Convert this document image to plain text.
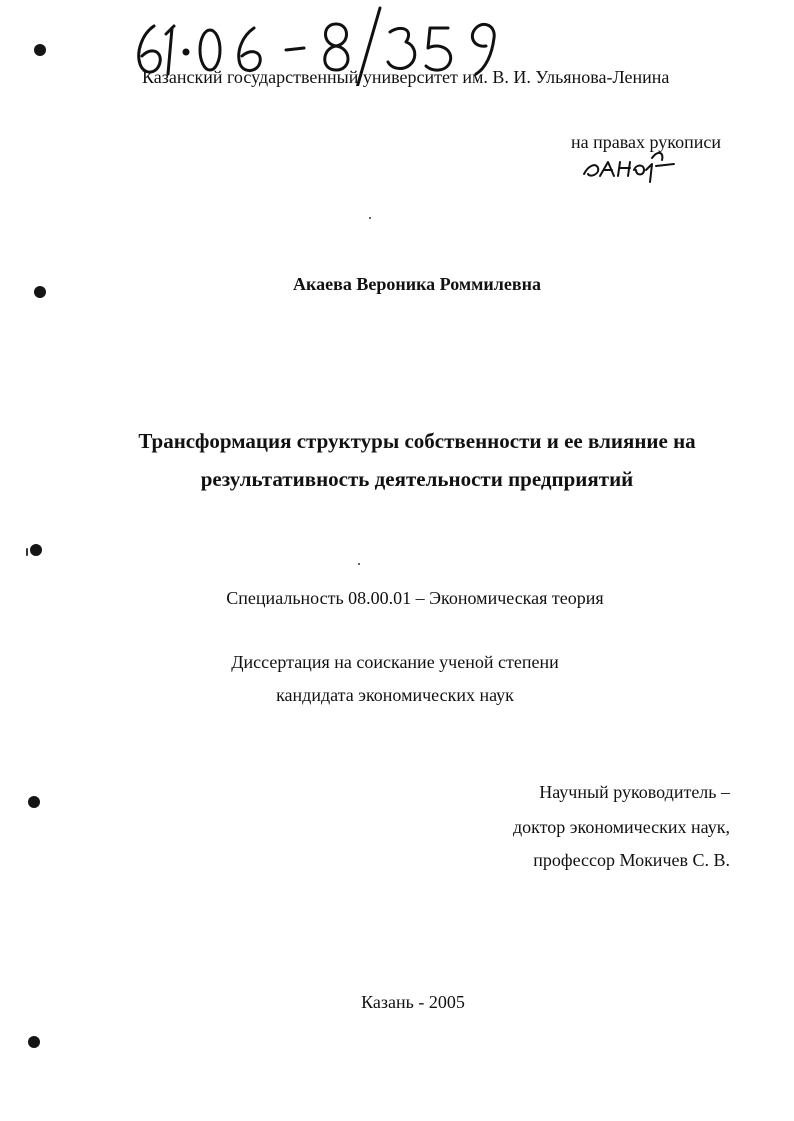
Казанский государственный университет им. В. И. Ульянова-Ленина
на правах рукописи
Акаева Вероника Роммилевна
Трансформация структуры собственности и ее влияние на
результативность деятельности предприятий
Специальность 08.00.01 – Экономическая теория
Диссертация на соискание ученой степени
кандидата экономических наук
Научный руководитель –
доктор экономических наук,
профессор Мокичев С. В.
Казань - 2005
